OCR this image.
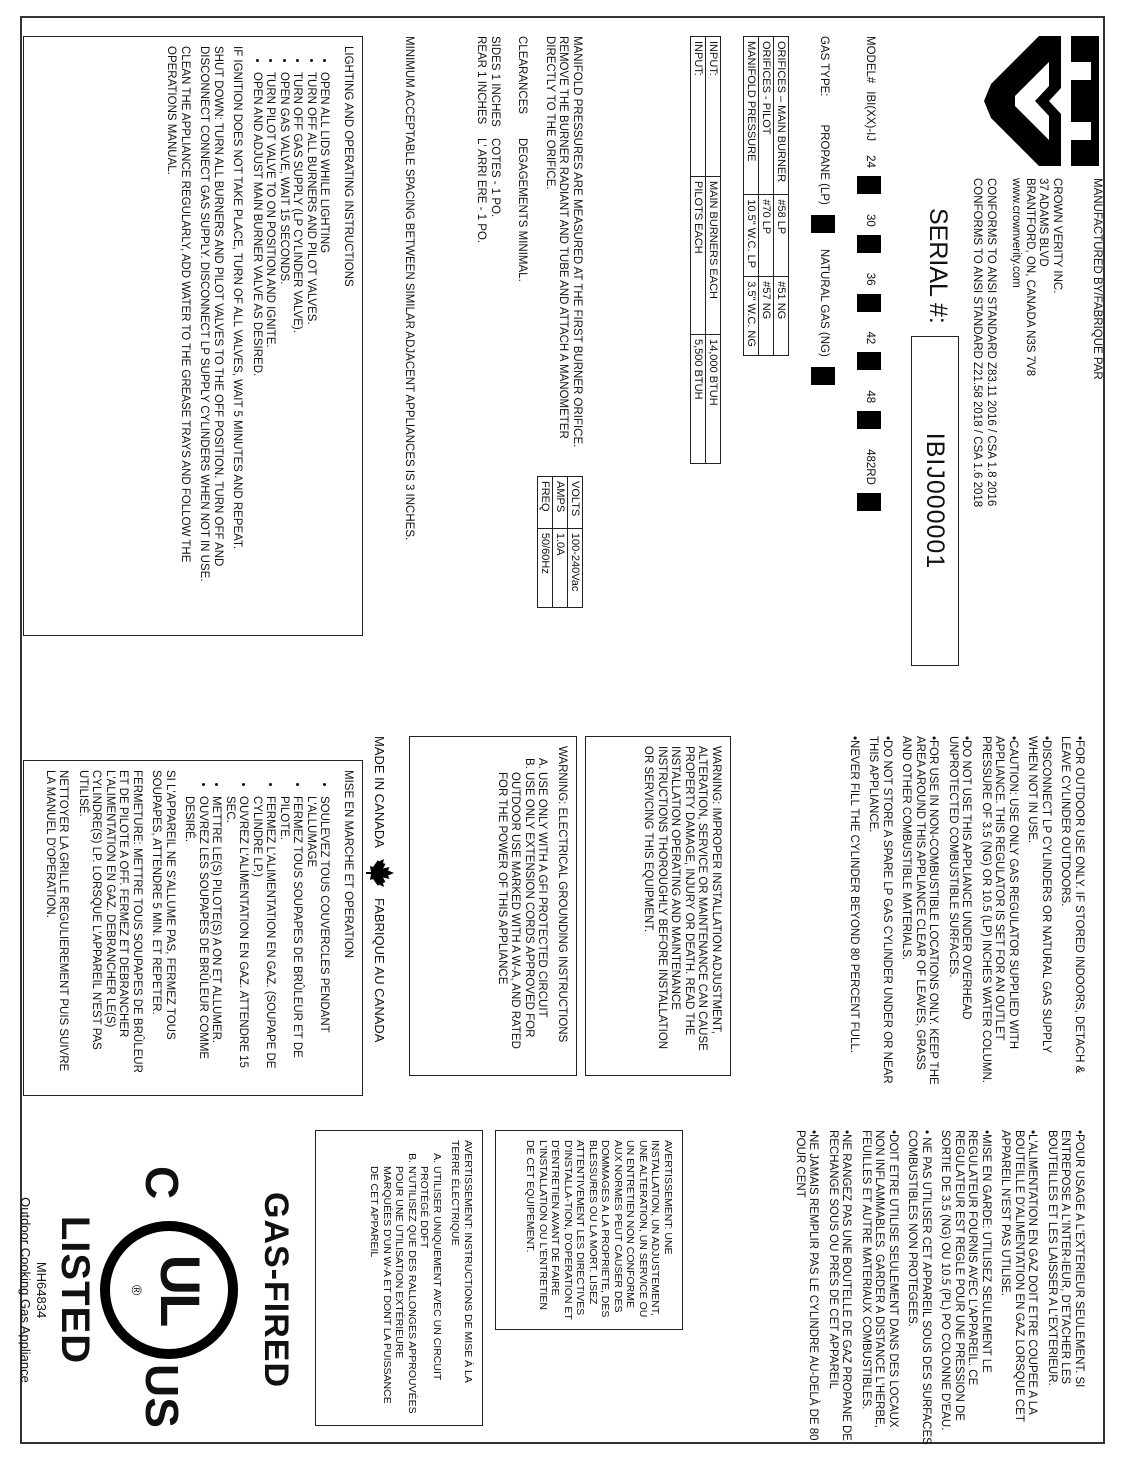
MANUFACTURED BY/FABRIQUE PAR
CROWN VERITY INC.
37 ADAMS BLVD
BRANTFORD, ON, CANADA N3S 7V8
www.crownverity.com
CONFORMS TO ANSI STANDARD Z83.11 2016 / CSA 1.8 2016
CONFORMS TO ANSI STANDARD Z21.58 2018 / CSA 1.6 2018
SERIAL #:
IBIJ000001
MODEL#
IBI(XX)-IJ
24
30
36
42
48
482RD
GAS TYPE:
PROPANE (LP)
NATURAL GAS (NG)
ORIFICES – MAIN BURNER	#58 LP	#51 NG
ORIFICES - PILOT	#70 LP	#57 NG
MANIFOLD PRESSURE	10.5" W.C. LP	3.5" W.C. NG
INPUT:	MAIN BURNERS EACH	14,000 BTUH
INPUT:	PILOTS EACH	5,500 BTUH
VOLTS	100-240Vac
AMPS	1.0A
FREQ	50/60Hz

MANIFOLD PRESSURES ARE MEASURED AT THE FIRST BURNER ORIFICE. REMOVE THE BURNER RADIANT AND TUBE AND ATTACH A MANOMETER DIRECTLY TO THE ORIFICE.

CLEARANCES
DEGAGEMENTS MINIMAL.
SIDES 1 INCHES
COTES - 1 PO.
REAR 1 INCHES
L' ARRI ERE - 1 PO.
MINIMUM ACCEPTABLE SPACING BETWEEN SIMILAR ADJACENT APPLIANCES IS 3 INCHES.

LIGHTING AND OPERATING INSTRUCTIONS

• OPEN ALL LIDS WHILE LIGHTING
• TURN OFF ALL BURNERS AND PILOT VALVES.
• TURN OFF GAS SUPPLY (LP CYLINDER VALVE).
• OPEN GAS VALVE, WAIT 15 SECONDS.
• TURN PILOT VALVE TO ON POSITION AND IGNITE.
• OPEN AND ADJUST MAIN BURNER VALVE AS DESIRED.

IF IGNITION DOES NOT TAKE PLACE, TURN OF ALL VALVES, WAIT 5 MINUTES AND REPEAT.

SHUT DOWN: TURN ALL BURNERS AND PILOT VALVES TO THE OFF POSITION. TURN OFF AND DISCONNECT CONNECT GAS SUPPLY. DISCONNECT LP SUPPLY CYLINDERS WHEN NOT IN USE.

CLEAN THE APPLIANCE REGULARLY, ADD WATER TO THE GREASE TRAYS AND FOLLOW THE OPERATIONS MANUAL.

•FOR OUTDOOR USE ONLY. IF STORED INDOORS, DETACH & LEAVE CYLINDER OUTDOORS.

•DISCONNECT LP CYLINDERS OR NATURAL GAS SUPPLY WHEN NOT IN USE.

•CAUTION: USE ONLY GAS REGULATOR SUPPLIED WITH APPLIANCE. THIS REGULATOR IS SET FOR AN OUTLET PRESSURE OF 3.5 (NG) OR 10.5 (LP) INCHES WATER COLUMN.

•DO NOT USE THIS APPLIANCE UNDER OVERHEAD UNPROTECTED COMBUSTIBLE SURFACES.

•FOR USE IN NON-COMBUSTIBLE LOCATIONS ONLY. KEEP THE AREA AROUND THIS APPLIANCE CLEAR OF LEAVES, GRASS AND OTHER COMBUSTIBLE MATERIALS.

•DO NOT STORE A SPARE LP GAS CYLINDER UNDER OR NEAR THIS APPLIANCE.

•NEVER FILL THE CYLINDER BEYOND 80 PERCENT FULL.

WARNING: IMPROPER INSTALLATION ADJUSTMENT, ALTERATION, SERVICE OR MAINTENANCE CAN CAUSE PROPERTY DAMAGE, INJURY OR DEATH. READ THE INSTALLATION OPERATING AND MAINTENANCE INSTRUCTIONS THOROUGHLY BEFORE INSTALLATION OR SERVICING THIS EQUIPMENT.
WARNING: ELECTRICAL GROUNDING INSTRUCTIONS
A. USE ONLY WITH A GFI PROTECTED CIRCUIT
B. USE ONLY EXTENSION CORDS APPROVED FOR OUTDOOR USE MARKED WITH A W-A, AND RATED FOR THE POWER OF THIS APPLIANCE
MADE IN CANADA
FABRIQUE AU CANADA

MISE EN MARCHE ET OPERATION

• SOULEVEZ TOUS COUVERCLES PENDANT L'ALLUMAGE
• FERMEZ TOUS SOUPAPES DE BRÛLEUR ET DE PILOTE.
• FERMEZ L'ALIMENTATION EN GAZ. (SOUPAPE DE CYLINDRE LP.)
• OUVREZ L'ALIMENTATION EN GAZ. ATTENDRE 15 SEC.
• METTRE LE(S) PILOTE(S) A ON ET ALLUMER.
• OUVREZ LES SOUPAPES DE BRÛLEUR COMME DESIRÉ.

SI L'APPAREIL NE S'ALLUME PAS, FERMEZ TOUS SOUPAPES, ATTENDRE 5 MIN. ET REPETER.

FERMETURE: METTRE TOUS SOUPAPES DE BRÛLEUR ET DE PILOTE A OFF. FERMEZ ET DEBRANCHER L'ALIMENTATION EN GAZ. DEBRANCHER LE(S) CYLINDRE(S) LP. LORSQUE L'APPAREIL N'EST PAS UTILISÉ.

NETTOYER LA GRILLE REGULIEREMENT PUIS SUIVRE LA MANUEL D'OPERATION.

•POUR USAGE A L'EXTERIEUR SEULEMENT. SI ENTREPOSE A L'INTER-IEUR, D'ETACHER LES BOUTEILLES ET LES LAISSER A L'EXTERIEUR.

•L'ALIMENTATION EN GAZ DOIT ETRE COUPEE A LA BOUTEILLE D'ALIMENTATION EN GAZ LORSQUE CET APPAREIL N'EST PAS UTILISE.

•MISE EN GARDE: UTILISEZ SEULEMENT LE REGULATEUR FOURNIS AVEC L'APPAREIL. CE REGULATEUR EST REGLE POUR UNE PRESSION DE SORTIE DE 3.5 (NG) OU 10.5 (PL) PO COLONNE D'EAU.

• NE PAS UTILISER CET APPAREIL SOUS DES SURFACES COMBUSTIBLES NON PROTEGEES.

•DOIT ETRE UTILISE SEULEMENT DANS DES LOCAUX NON INFLAMMABLES. GARDER A DISTANCE L'HERBE, FEUILLES ET AUTRE MATERIAUX COMBUSTIBLES.

•NE RANGEZ PAS UNE BOUTELLE DE GAZ PROPANE DE RECHANGE SOUS OU PRÈS DE CET APPAREIL

•NE JAMAIS REMPLIR PAS LE CYLINDRE AU-DELÀ DE 80 POUR CENT

AVERTISSEMENT: UNE INSTALLATION, UN ADJUSTEMENT, UNE ALTERATION, UN SERVICE OU UN ENTRETIEN NON CONFORME AUX NORMES PEUT CAUSER DES DOMMAGES A LA PROPRIETE, DES BLESSURES OU LA MORT. LISEZ ATTENTIVEMENT LES DIRECTIVES D'INSTALLA-TION, D'OPERATION ET D'ENTRETIEN AVANT DE FAIRE L'INSTALLATION OU L'ENTRETIEN DE CET EQUIPEMENT.
AVERTISSEMENT: INSTRUCTIONS DE MISE À LA TERRE ÉLECTRIQUE
A. UTILISER UNIQUEMENT AVEC UN CIRCUIT PROTÉGÉ DDFT
B. N'UTILISEZ QUE DES RALLONGES APPROUVÉES POUR UNE UTILISATION EXTÉRIEURE MARQUÉES D'UN W-A ET DONT LA PUISSANCE DE CET APPAREIL
GAS-FIRED
C
UL
®
US
LISTED
MH64834
Outdoor Cooking Gas Appliance
